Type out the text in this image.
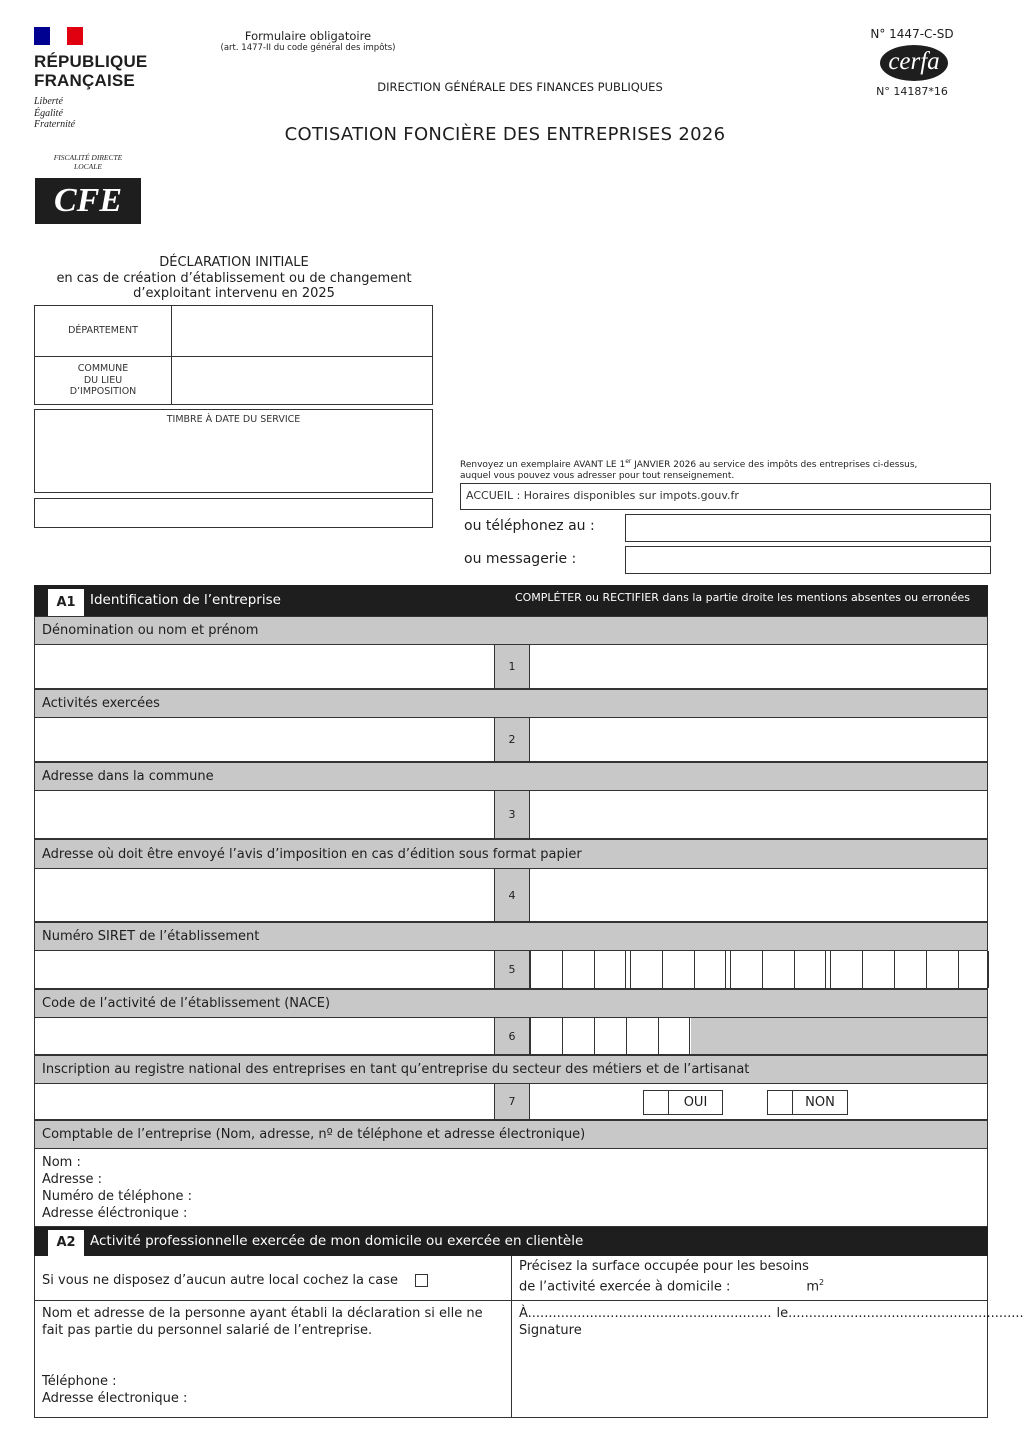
RÉPUBLIQUE
FRANÇAISE
Liberté
Égalité
Fraternité
FISCALITÉ DIRECTE
LOCALE
CFE
Formulaire obligatoire
(art. 1477-II du code général des impôts)
DIRECTION GÉNÉRALE DES FINANCES PUBLIQUES
COTISATION FONCIÈRE DES ENTREPRISES 2026
N° 1447-C-SD
cerfa
N° 14187*16
DÉCLARATION INITIALE
en cas de création d’établissement ou de changement
d’exploitant intervenu en 2025
DÉPARTEMENT
COMMUNE
DU LIEU
D’IMPOSITION
TIMBRE À DATE DU SERVICE
Renvoyez un exemplaire AVANT LE 1er JANVIER 2026 au service des impôts des entreprises ci-dessus,
auquel vous pouvez vous adresser pour tout renseignement.
ACCUEIL : Horaires disponibles sur impots.gouv.fr
ou téléphonez au :
ou messagerie :
A1	Identification de l’entreprise	COMPLÉTER ou RECTIFIER dans la partie droite les mentions absentes ou erronées
Dénomination ou nom et prénom
1
Activités exercées
2
Adresse dans la commune
3
Adresse où doit être envoyé l’avis d’imposition en cas d’édition sous format papier
4
Numéro SIRET de l’établissement
5
Code de l’activité de l’établissement (NACE)
6
Inscription au registre national des entreprises en tant qu’entreprise du secteur des métiers et de l’artisanat
7	OUI	NON
Comptable de l’entreprise (Nom, adresse, nº de téléphone et adresse électronique)
Nom :
Adresse :
Numéro de téléphone :
Adresse éléctronique :
A2	Activité professionnelle exercée de mon domicile ou exercée en clientèle
Si vous ne disposez d’aucun autre local cochez la case
Précisez la surface occupée pour les besoins
de l’activité exercée à domicile :	$m^2$
Nom et adresse de la personne ayant établi la déclaration si elle ne
fait pas partie du personnel salarié de l’entreprise.
Téléphone :
Adresse électronique :
À........................................................... le.........................................................
Signature
